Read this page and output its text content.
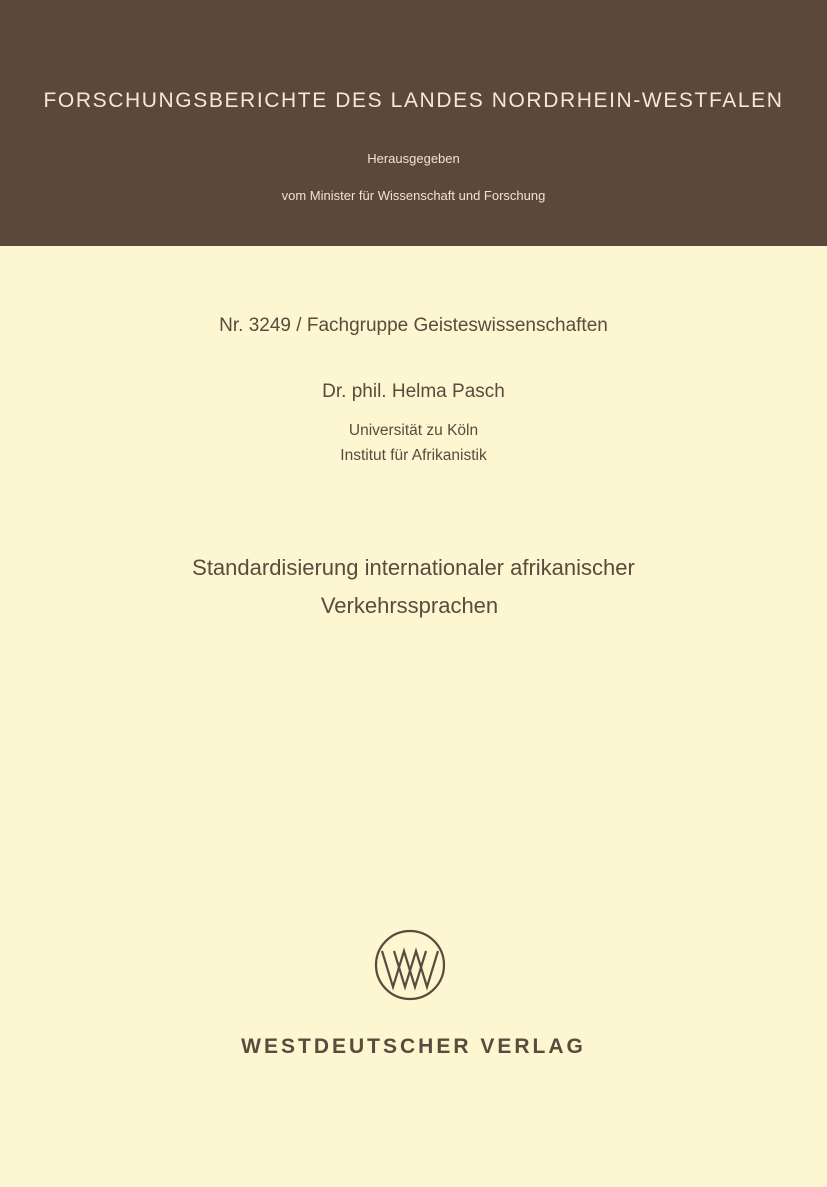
FORSCHUNGSBERICHTE DES LANDES NORDRHEIN-WESTFALEN
Herausgegeben
vom Minister für Wissenschaft und Forschung
Nr. 3249 / Fachgruppe Geisteswissenschaften
Dr. phil. Helma Pasch
Universität zu Köln
Institut für Afrikanistik
Standardisierung internationaler afrikanischer
Verkehrssprachen
WESTDEUTSCHER VERLAG
